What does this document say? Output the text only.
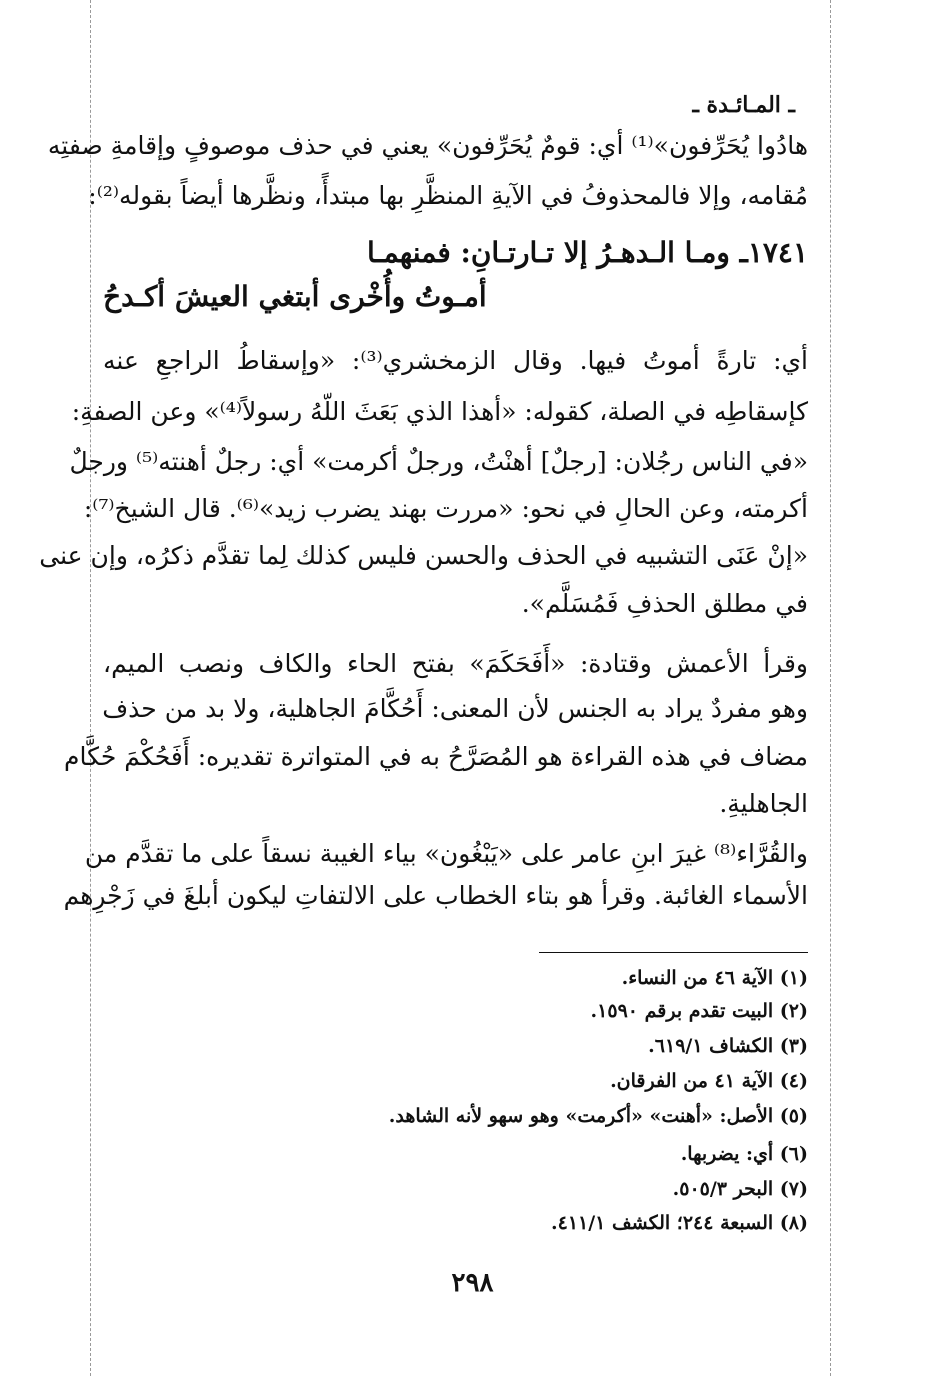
ـ المـائـدة ـ
هادُوا يُحَرِّفون»⁽¹⁾ أي: قومٌ يُحَرِّفون» يعني في حذف موصوفٍ وإقامةِ صفتِه
مُقامه، وإلا فالمحذوفُ في الآيةِ المنظَّرِ بها مبتدأً، ونظَّرها أيضاً بقوله⁽²⁾:
أي: تارةً أموتُ فيها. وقال الزمخشري⁽³⁾: «وإسقاطُ الراجعِ عنه
كإسقاطِه في الصلة، كقوله: «أهذا الذي بَعَثَ اللّهُ رسولاً⁽⁴⁾» وعن الصفةِ:
«في الناس رجُلان: [رجلٌ] أهنْتُ، ورجلٌ أكرمت» أي: رجلٌ أهنته⁽⁵⁾ ورجلٌ
أكرمته، وعن الحالِ في نحو: «مررت بهند يضرب زيد»⁽⁶⁾. قال الشيخ⁽⁷⁾:
«إنْ عَنَى التشبيه في الحذف والحسن فليس كذلك لِما تقدَّم ذكرُه، وإن عنى
في مطلق الحذفِ فَمُسَلَّم».
وقرأ الأعمش وقتادة: «أَفَحَكَمَ» بفتح الحاء والكاف ونصب الميم،
وهو مفردٌ يراد به الجنس لأن المعنى: أَحُكَّامَ الجاهلية، ولا بد من حذف
مضاف في هذه القراءة هو المُصَرَّحُ به في المتواترة تقديره: أَفَحُكْمَ حُكَّام
الجاهليةِ.
والقُرَّاء⁽⁸⁾ غيرَ ابنِ عامر على «يَبْغُون» بياء الغيبة نسقاً على ما تقدَّم من
الأسماء الغائبة. وقرأ هو بتاء الخطاب على الالتفاتِ ليكون أبلغَ في زَجْرِهم
١٧٤١ـ ومـا الـدهـرُ إلا تـارتـانِ: فمنهمـا
أمـوتُ وأُخْرى أبتغي العيشَ أكـدحُ
(١) الآية ٤٦ من النساء.
(٢) البيت تقدم برقم ١٥٩٠.
(٣) الكشاف ٦١٩/١.
(٤) الآية ٤١ من الفرقان.
(٥) الأصل: «أهنت» «أكرمت» وهو سهو لأنه الشاهد.
(٦) أي: يضربها.
(٧) البحر ٥٠٥/٣.
(٨) السبعة ٢٤٤؛ الكشف ٤١١/١.
٢٩٨
